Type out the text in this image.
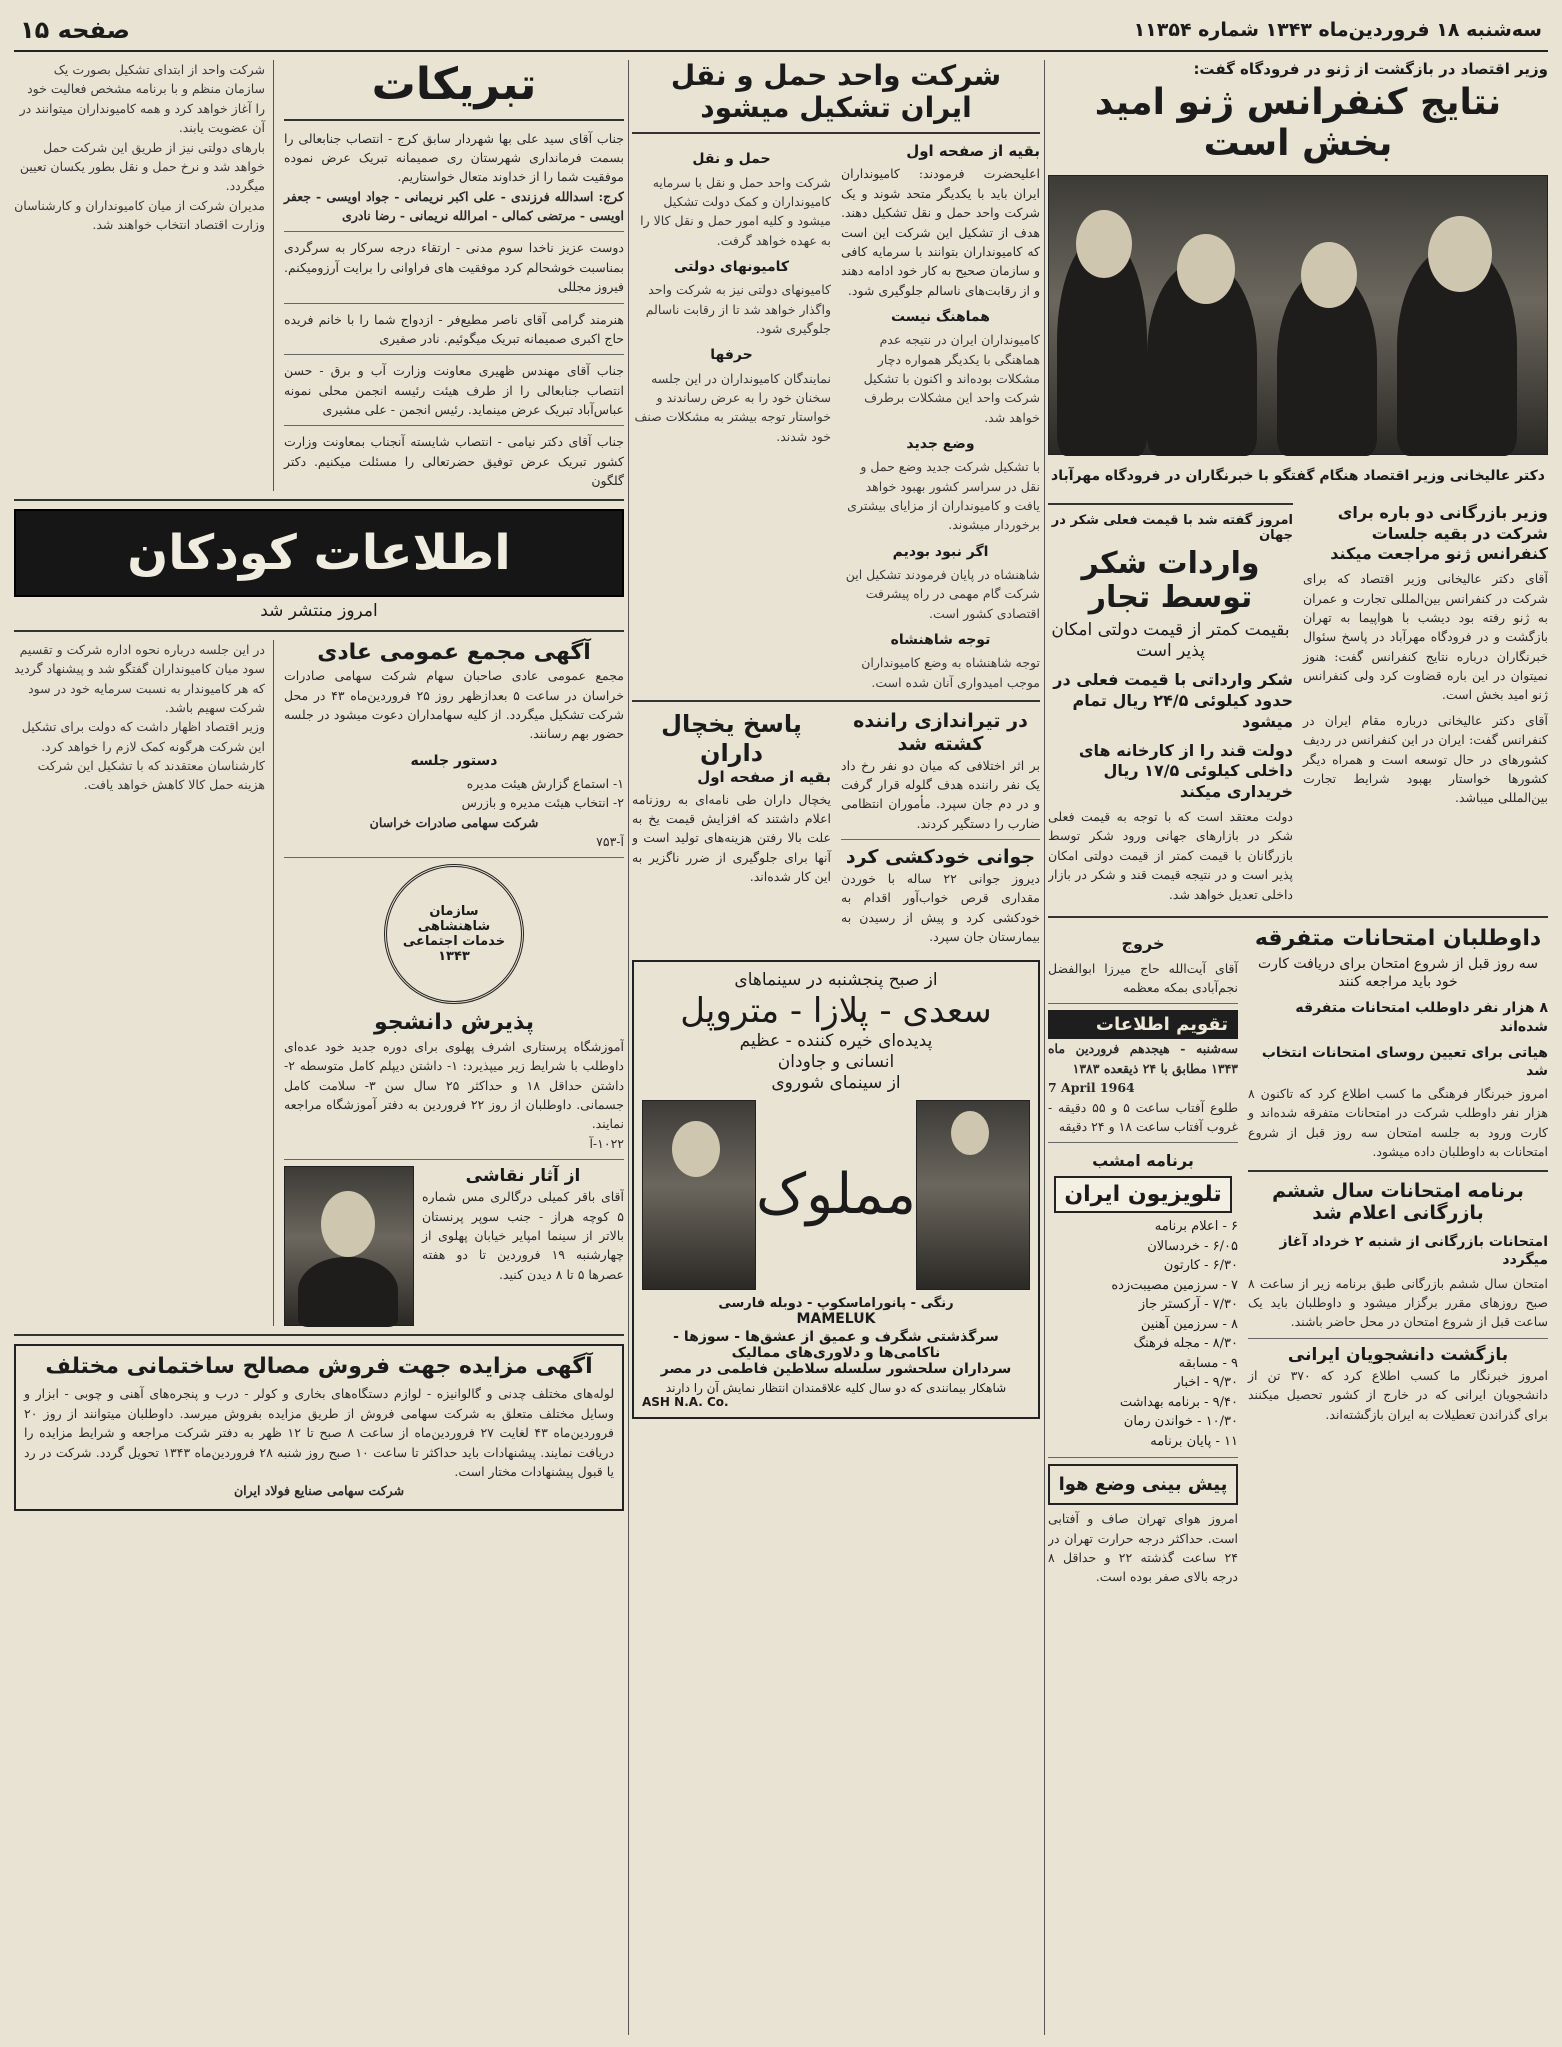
سه‌شنبه ۱۸ فروردین‌ماه ۱۳۴۳ شماره ۱۱۳۵۴
صفحه ۱۵
وزیر اقتصاد در بازگشت از ژنو در فرودگاه گفت:
نتایج کنفرانس ژنو امید بخش است
دکتر عالیخانی وزیر اقتصاد هنگام گفتگو با خبرنگاران در فرودگاه مهرآباد
وزیر بازرگانی دو باره برای شرکت در بقیه جلسات کنفرانس ژنو مراجعت میکند

آقای دکتر عالیخانی وزیر اقتصاد که برای شرکت در کنفرانس بین‌المللی تجارت و عمران به ژنو رفته بود دیشب با هواپیما به تهران بازگشت و در فرودگاه مهرآباد در پاسخ سئوال خبرنگاران درباره نتایج کنفرانس گفت: هنوز نمیتوان در این باره قضاوت کرد ولی کنفرانس ژنو امید بخش است.

آقای دکتر عالیخانی درباره مقام ایران در کنفرانس گفت: ایران در این کنفرانس در ردیف کشورهای در حال توسعه است و همراه دیگر کشورها خواستار بهبود شرایط تجارت بین‌المللی میباشد.

امروز گفته شد با قیمت فعلی شکر در جهان
واردات شکر توسط تجار
بقیمت کمتر از قیمت دولتی امکان پذیر است
شکر وارداتی با قیمت فعلی در حدود کیلوئی ۲۴/۵ ریال تمام میشود
دولت قند را از کارخانه های داخلی کیلوئی ۱۷/۵ ریال خریداری میکند

دولت معتقد است که با توجه به قیمت فعلی شکر در بازارهای جهانی ورود شکر توسط بازرگانان با قیمت کمتر از قیمت دولتی امکان پذیر است و در نتیجه قیمت قند و شکر در بازار داخلی تعدیل خواهد شد.

داوطلبان امتحانات متفرقه
سه روز قبل از شروع امتحان برای دریافت کارت خود باید مراجعه کنند
۸ هزار نفر داوطلب امتحانات متفرقه شده‌اند
هیاتی برای تعیین روسای امتحانات انتخاب شد

امروز خبرنگار فرهنگی ما کسب اطلاع کرد که تاکنون ۸ هزار نفر داوطلب شرکت در امتحانات متفرقه شده‌اند و کارت ورود به جلسه امتحان سه روز قبل از شروع امتحانات به داوطلبان داده میشود.

برنامه امتحانات سال ششم بازرگانی اعلام شد
امتحانات بازرگانی از شنبه ۲ خرداد آغاز میگردد

امتحان سال ششم بازرگانی طبق برنامه زیر از ساعت ۸ صبح روزهای مقرر برگزار میشود و داوطلبان باید یک ساعت قبل از شروع امتحان در محل حاضر باشند.

بازگشت دانشجویان ایرانی

امروز خبرنگار ما کسب اطلاع کرد که ۳۷۰ تن از دانشجویان ایرانی که در خارج از کشور تحصیل میکنند برای گذراندن تعطیلات به ایران بازگشته‌اند.

خروج

آقای آیت‌الله حاج میرزا ابوالفضل نجم‌آبادی بمکه معظمه

تقویم اطلاعات

سه‌شنبه - هیجدهم فروردین ماه ۱۳۴۳ مطابق با ۲۴ ذیقعده ۱۳۸۳

7 April 1964

طلوع آفتاب ساعت ۵ و ۵۵ دقیقه - غروب آفتاب ساعت ۱۸ و ۲۴ دقیقه

برنامه امشب
تلویزیون ایران
۶ - اعلام برنامه
۶/۰۵ - خردسالان
۶/۳۰ - کارتون
۷ - سرزمین مصیبت‌زده
۷/۳۰ - آرکستر جاز
۸ - سرزمین آهنین
۸/۳۰ - مجله فرهنگ
۹ - مسابقه
۹/۳۰ - اخبار
۹/۴۰ - برنامه بهداشت
۱۰/۳۰ - خواندن رمان
۱۱ - پایان برنامه
پیش بینی وضع هوا

امروز هوای تهران صاف و آفتابی است. حداکثر درجه حرارت تهران در ۲۴ ساعت گذشته ۲۲ و حداقل ۸ درجه بالای صفر بوده است.

شرکت واحد حمل و نقل ایران تشکیل میشود
بقیه از صفحه اول

اعلیحضرت فرمودند: کامیونداران ایران باید با یکدیگر متحد شوند و یک شرکت واحد حمل و نقل تشکیل دهند. هدف از تشکیل این شرکت این است که کامیونداران بتوانند با سرمایه کافی و سازمان صحیح به کار خود ادامه دهند و از رقابت‌های ناسالم جلوگیری شود.

هماهنگ نیست

کامیونداران ایران در نتیجه عدم هماهنگی با یکدیگر همواره دچار مشکلات بوده‌اند و اکنون با تشکیل شرکت واحد این مشکلات برطرف خواهد شد.

وضع جدید

با تشکیل شرکت جدید وضع حمل و نقل در سراسر کشور بهبود خواهد یافت و کامیونداران از مزایای بیشتری برخوردار میشوند.

اگر نبود بودیم

شاهنشاه در پایان فرمودند تشکیل این شرکت گام مهمی در راه پیشرفت اقتصادی کشور است.

توجه شاهنشاه

توجه شاهنشاه به وضع کامیونداران موجب امیدواری آنان شده است.

حمل و نقل

شرکت واحد حمل و نقل با سرمایه کامیونداران و کمک دولت تشکیل میشود و کلیه امور حمل و نقل کالا را به عهده خواهد گرفت.

کامیونهای دولتی

کامیونهای دولتی نیز به شرکت واحد واگذار خواهد شد تا از رقابت ناسالم جلوگیری شود.

حرفها

نمایندگان کامیونداران در این جلسه سخنان خود را به عرض رساندند و خواستار توجه بیشتر به مشکلات صنف خود شدند.

در تیراندازی راننده کشته شد

بر اثر اختلافی که میان دو نفر رخ داد یک نفر راننده هدف گلوله قرار گرفت و در دم جان سپرد. مأموران انتظامی ضارب را دستگیر کردند.

جوانی خودکشی کرد

دیروز جوانی ۲۲ ساله با خوردن مقداری قرص خواب‌آور اقدام به خودکشی کرد و پیش از رسیدن به بیمارستان جان سپرد.

پاسخ یخچال داران
بقیه از صفحه اول

یخچال داران طی نامه‌ای به روزنامه اعلام داشتند که افزایش قیمت یخ به علت بالا رفتن هزینه‌های تولید است و آنها برای جلوگیری از ضرر ناگزیر به این کار شده‌اند.

از صبح پنجشنبه در سینماهای
سعدی - پلازا - متروپل
پدیده‌ای خیره کننده - عظیم
انسانی و جاودان
از سینمای شوروی
مملوک
رنگی - پانوراماسکوپ - دوبله فارسی
MAMELUK
سرگذشتی شگرف و عمیق از عشق‌ها - سوزها - ناکامی‌ها و دلاوری‌های ممالیک
سرداران سلحشور سلسله سلاطین فاطمی در مصر
شاهکار بیمانندی که دو سال کلیه علاقمندان انتظار نمایش آن را دارند
ASH N.A. Co.
تبریکات

جناب آقای سید علی بها شهردار سابق کرج - انتصاب جنابعالی را بسمت فرمانداری شهرستان ری صمیمانه تبریک عرض نموده موفقیت شما را از خداوند متعال خواستاریم.

کرج: اسدالله فرزندی - علی اکبر نریمانی - جواد اویسی - جعفر اویسی - مرتضی کمالی - امرالله نریمانی - رضا نادری

دوست عزیز ناخدا سوم مدنی - ارتقاء درجه سرکار به سرگردی بمناسبت خوشحالم کرد موفقیت های فراوانی را برایت آرزومیکنم. فیروز مجللی

هنرمند گرامی آقای ناصر مطیع‌فر - ازدواج شما را با خانم فریده حاج اکبری صمیمانه تبریک میگوئیم. نادر صفیری

جناب آقای مهندس ظهیری معاونت وزارت آب و برق - حسن انتصاب جنابعالی را از طرف هیئت رئیسه انجمن محلی نمونه عباس‌آباد تبریک عرض مینماید. رئیس انجمن - علی مشیری

جناب آقای دکتر نیامی - انتصاب شایسته آنجناب بمعاونت وزارت کشور تبریک عرض توفیق حضرتعالی را مسئلت میکنیم. دکتر گلگون

شرکت واحد از ابتدای تشکیل بصورت یک سازمان منظم و با برنامه مشخص فعالیت خود را آغاز خواهد کرد و همه کامیونداران میتوانند در آن عضویت یابند.

بارهای دولتی نیز از طریق این شرکت حمل خواهد شد و نرخ حمل و نقل بطور یکسان تعیین میگردد.

مدیران شرکت از میان کامیونداران و کارشناسان وزارت اقتصاد انتخاب خواهند شد.

اطلاعات کودکان
امروز منتشر شد
آگهی مجمع عمومی عادی

مجمع عمومی عادی صاحبان سهام شرکت سهامی صادرات خراسان در ساعت ۵ بعدازظهر روز ۲۵ فروردین‌ماه ۴۳ در محل شرکت تشکیل میگردد. از کلیه سهامداران دعوت میشود در جلسه حضور بهم رسانند.

دستور جلسه

۱- استماع گزارش هیئت مدیره

۲- انتخاب هیئت مدیره و بازرس

شرکت سهامی صادرات خراسان

آ-۷۵۳

سازمان شاهنشاهی خدمات اجتماعی ۱۳۴۳
پذیرش دانشجو

آموزشگاه پرستاری اشرف پهلوی برای دوره جدید خود عده‌ای داوطلب با شرایط زیر میپذیرد: ۱- داشتن دیپلم کامل متوسطه ۲- داشتن حداقل ۱۸ و حداکثر ۲۵ سال سن ۳- سلامت کامل جسمانی. داوطلبان از روز ۲۲ فروردین به دفتر آموزشگاه مراجعه نمایند.

۱۰۲۲-آ

از آثار نقاشی

آقای باقر کمیلی درگالری مس شماره ۵ کوچه هراز - جنب سوپر پرنستان بالاتر از سینما امپایر خیابان پهلوی از چهارشنبه ۱۹ فروردین تا دو هفته عصرها ۵ تا ۸ دیدن کنید.

در این جلسه درباره نحوه اداره شرکت و تقسیم سود میان کامیونداران گفتگو شد و پیشنهاد گردید که هر کامیوندار به نسبت سرمایه خود در سود شرکت سهیم باشد.

وزیر اقتصاد اظهار داشت که دولت برای تشکیل این شرکت هرگونه کمک لازم را خواهد کرد.

کارشناسان معتقدند که با تشکیل این شرکت هزینه حمل کالا کاهش خواهد یافت.

آگهی مزایده جهت فروش مصالح ساختمانی مختلف

لوله‌های مختلف چدنی و گالوانیزه - لوازم دستگاه‌های بخاری و کولر - درب و پنجره‌های آهنی و چوبی - ابزار و وسایل مختلف متعلق به شرکت سهامی فروش از طریق مزایده بفروش میرسد. داوطلبان میتوانند از روز ۲۰ فروردین‌ماه ۴۳ لغایت ۲۷ فروردین‌ماه از ساعت ۸ صبح تا ۱۲ ظهر به دفتر شرکت مراجعه و شرایط مزایده را دریافت نمایند. پیشنهادات باید حداکثر تا ساعت ۱۰ صبح روز شنبه ۲۸ فروردین‌ماه ۱۳۴۳ تحویل گردد. شرکت در رد یا قبول پیشنهادات مختار است.

شرکت سهامی صنایع فولاد ایران
